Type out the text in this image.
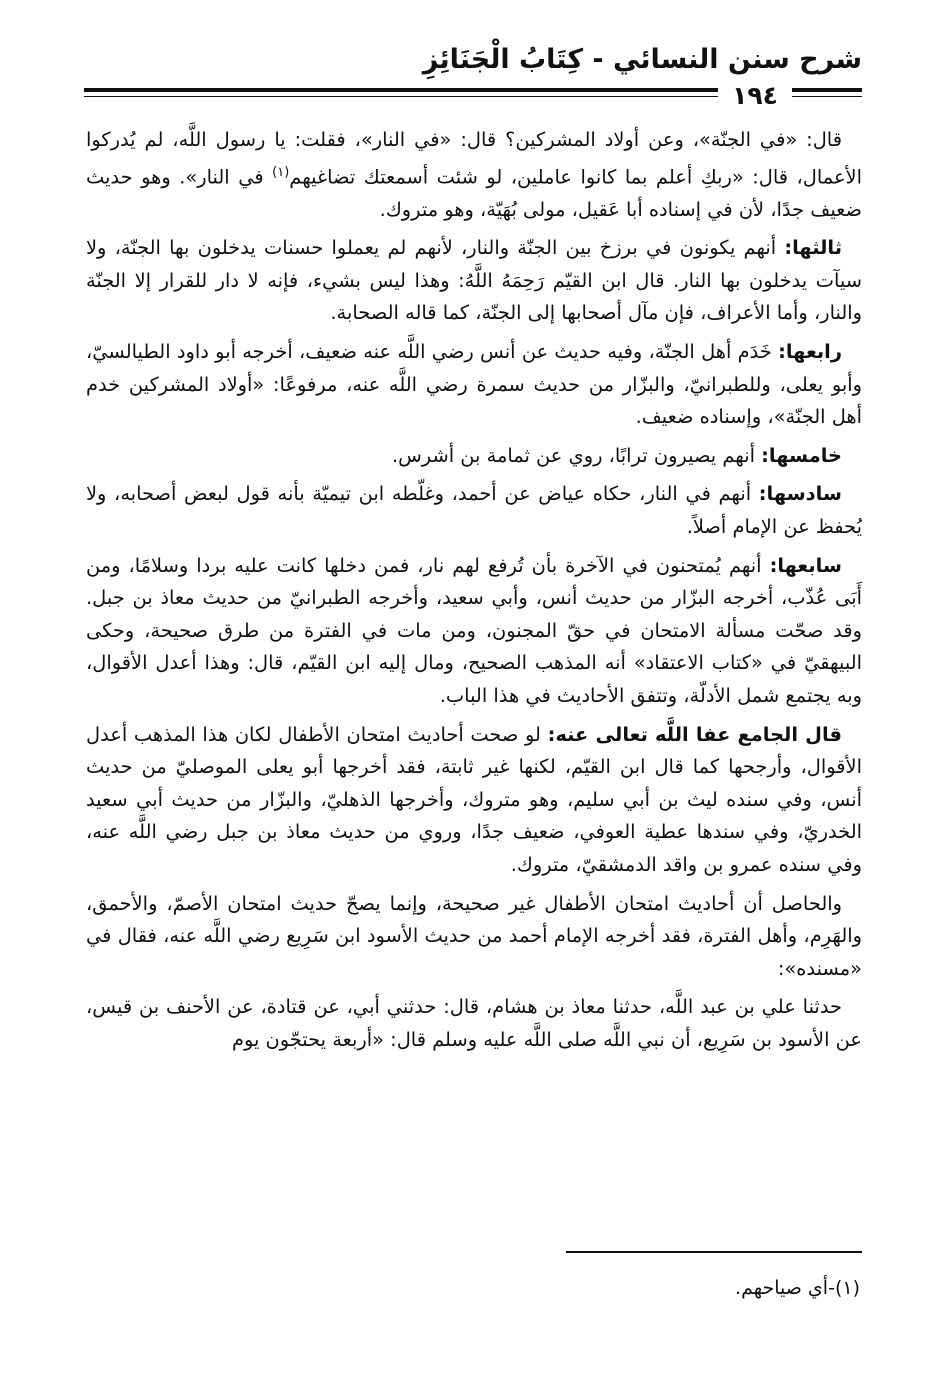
شرح سنن النسائي - كِتَابُ الْجَنَائِزِ
١٩٤

قال: «في الجنّة»، وعن أولاد المشركين؟ قال: «في النار»، فقلت: يا رسول اللَّه، لم يُدركوا الأعمال، قال: «ربكِ أعلم بما كانوا عاملين، لو شئت أسمعتك تضاغيهم$^{(١)}$ في النار». وهو حديث ضعيف جدًا، لأن في إسناده أبا عَقيل، مولى بُهَيّة، وهو متروك.

ثالثها: أنهم يكونون في برزخ بين الجنّة والنار، لأنهم لم يعملوا حسنات يدخلون بها الجنّة، ولا سيآت يدخلون بها النار. قال ابن القيّم رَحِمَهُ اللَّهُ: وهذا ليس بشيء، فإنه لا دار للقرار إلا الجنّة والنار، وأما الأعراف، فإن مآل أصحابها إلى الجنّة، كما قاله الصحابة.

رابعها: خَدَم أهل الجنّة، وفيه حديث عن أنس رضي اللَّه عنه ضعيف، أخرجه أبو داود الطيالسيّ، وأبو يعلى، وللطبرانيّ، والبزّار من حديث سمرة رضي اللَّه عنه، مرفوعًا: «أولاد المشركين خدم أهل الجنّة»، وإسناده ضعيف.

خامسها: أنهم يصيرون ترابًا، روي عن ثمامة بن أشرس.

سادسها: أنهم في النار، حكاه عياض عن أحمد، وغلّطه ابن تيميّة بأنه قول لبعض أصحابه، ولا يُحفظ عن الإمام أصلاً.

سابعها: أنهم يُمتحنون في الآخرة بأن تُرفع لهم نار، فمن دخلها كانت عليه بردا وسلامًا، ومن أَبَى عُذّب، أخرجه البزّار من حديث أنس، وأبي سعيد، وأخرجه الطبرانيّ من حديث معاذ بن جبل. وقد صحّت مسألة الامتحان في حقّ المجنون، ومن مات في الفترة من طرق صحيحة، وحكى البيهقيّ في «كتاب الاعتقاد» أنه المذهب الصحيح، ومال إليه ابن القيّم، قال: وهذا أعدل الأقوال، وبه يجتمع شمل الأدلّة، وتتفق الأحاديث في هذا الباب.

قال الجامع عفا اللَّه تعالى عنه: لو صحت أحاديث امتحان الأطفال لكان هذا المذهب أعدل الأقوال، وأرجحها كما قال ابن القيّم، لكنها غير ثابتة، فقد أخرجها أبو يعلى الموصليّ من حديث أنس، وفي سنده ليث بن أبي سليم، وهو متروك، وأخرجها الذهليّ، والبزّار من حديث أبي سعيد الخدريّ، وفي سندها عطية العوفي، ضعيف جدًا، وروي من حديث معاذ بن جبل رضي اللَّه عنه، وفي سنده عمرو بن واقد الدمشقيّ، متروك.

والحاصل أن أحاديث امتحان الأطفال غير صحيحة، وإنما يصحّ حديث امتحان الأصمّ، والأحمق، والهَرِم، وأهل الفترة، فقد أخرجه الإمام أحمد من حديث الأسود ابن سَرِيع رضي اللَّه عنه، فقال في «مسنده»:

حدثنا علي بن عبد اللَّه، حدثنا معاذ بن هشام، قال: حدثني أبي، عن قتادة، عن الأحنف بن قيس، عن الأسود بن سَرِيع، أن نبي اللَّه صلى اللَّه عليه وسلم قال: «أربعة يحتجّون يوم

(١)-أي صياحهم.
